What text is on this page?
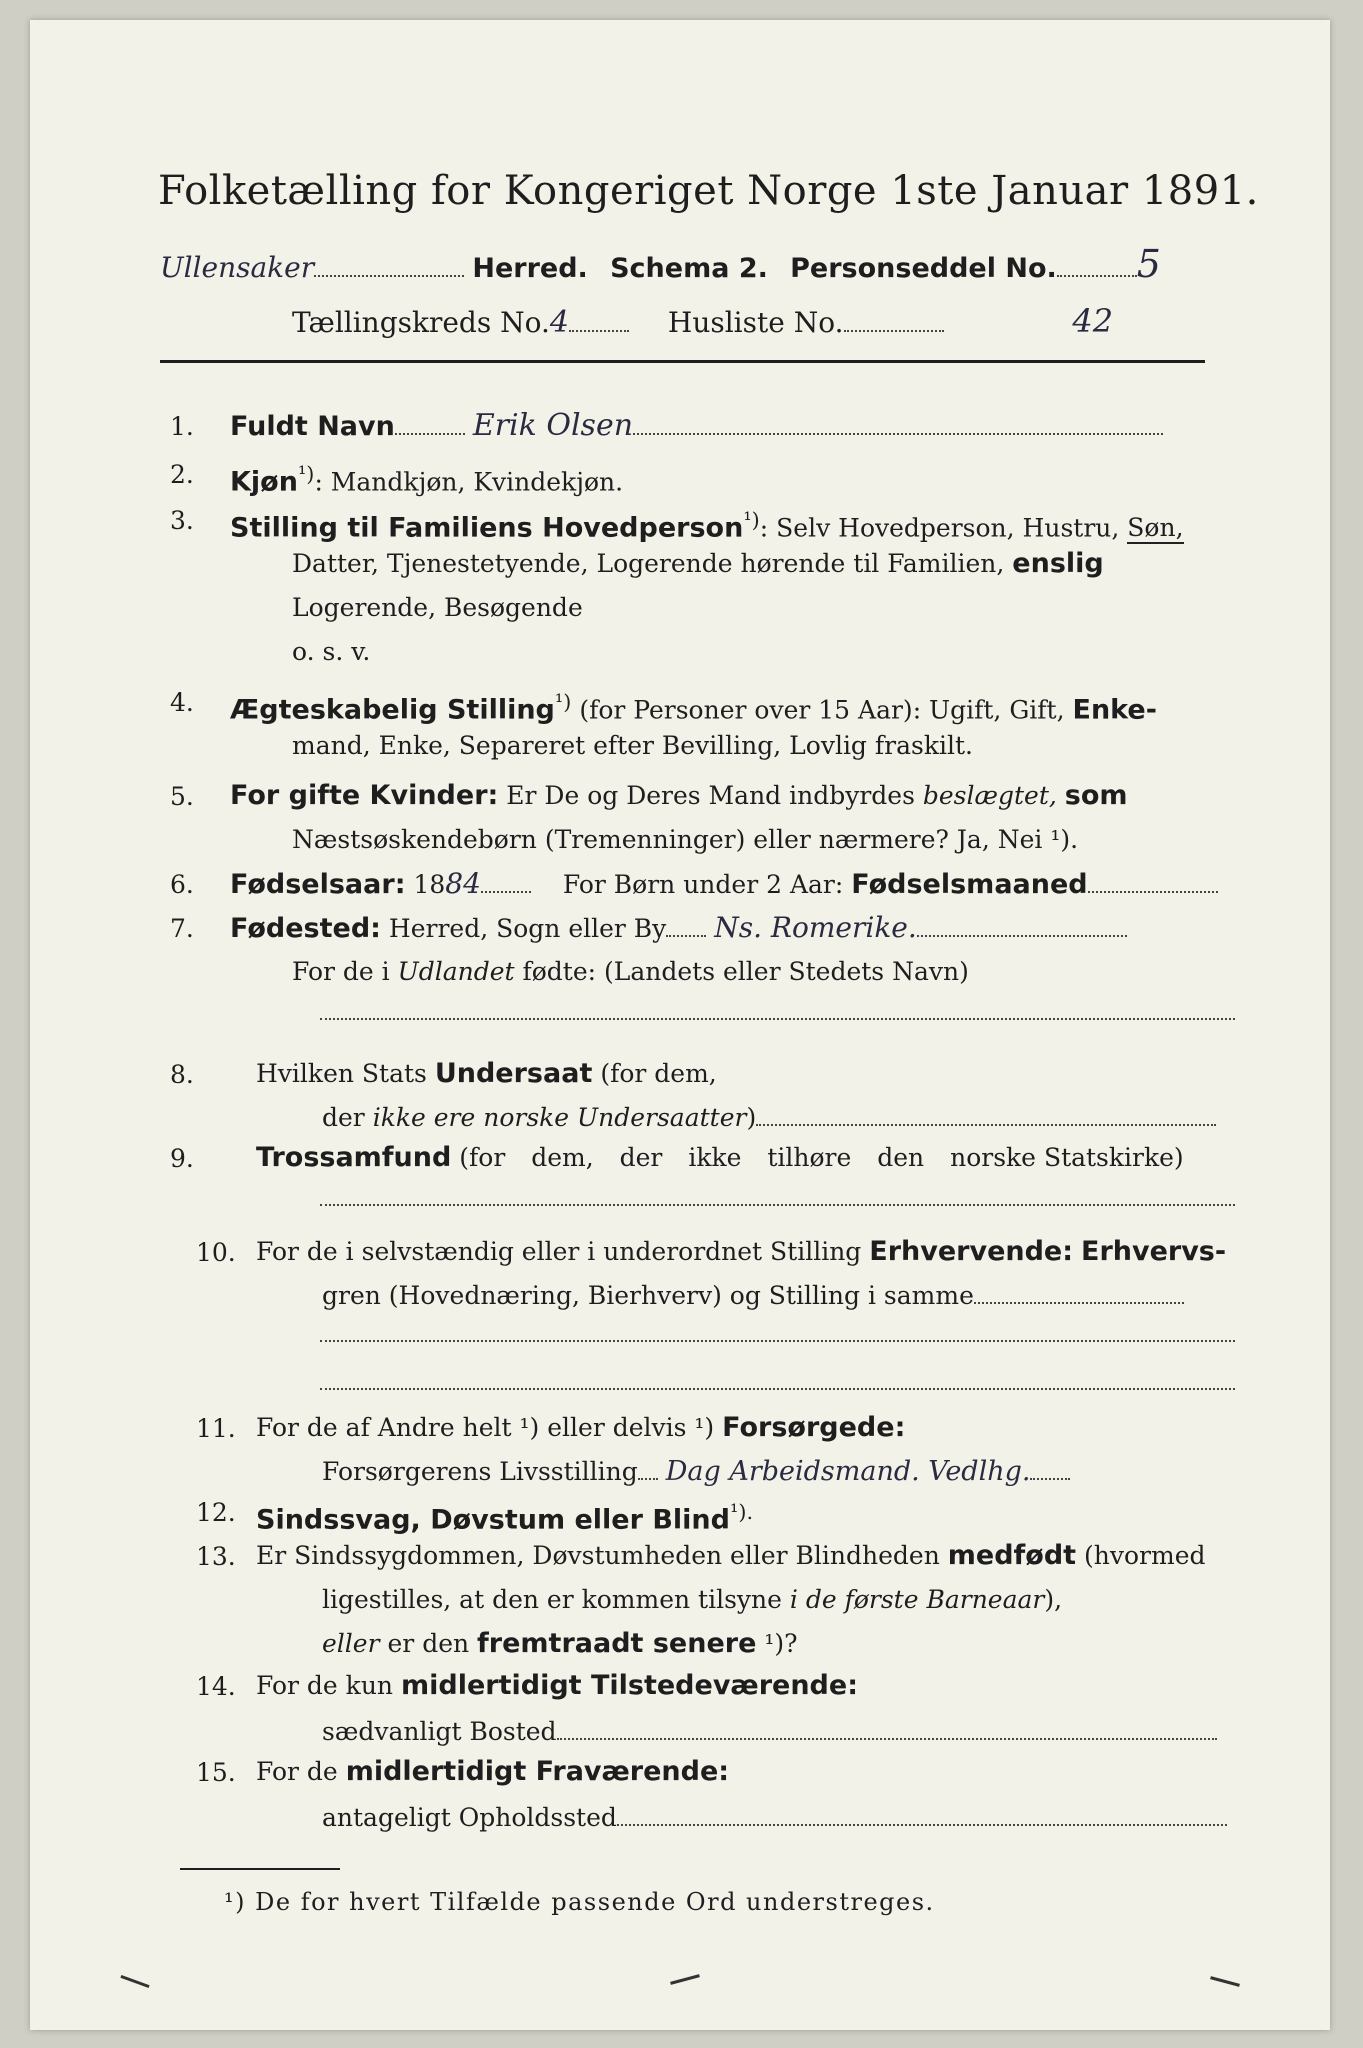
Folketælling for Kongeriget Norge 1ste Januar 1891.
Ullensaker	Herred. Schema 2. Personseddel No. 5
Tællingskreds No.4	Husliste No.	42
1. Fuldt Navn	Erik Olsen
2. Kjøn$^{^1)}$: Mandkjøn, Kvindekjøn.
3. Stilling til Familiens Hovedperson$^{^1)}$: Selv Hovedperson, Hustru, Søn,
Datter, Tjenestetyende, Logerende hørende til Familien, enslig
Logerende, Besøgende
o. s. v.
4. Ægteskabelig Stilling$^{^1)}$ (for Personer over 15 Aar): Ugift, Gift, Enke-
mand, Enke, Separeret efter Bevilling, Lovlig fraskilt.
5. For gifte Kvinder: Er De og Deres Mand indbyrdes beslægtet, som
Næstsøskendebørn (Tremenninger) eller nærmere? Ja, Nei ¹).
6. Fødselsaar: 1884	For Børn under 2 Aar: Fødselsmaaned
7. Fødested: Herred, Sogn eller By Ns. Romerike.
For de i Udlandet fødte: (Landets eller Stedets Navn)
8. Hvilken Stats Undersaat (for dem,
der ikke ere norske Undersaatter)
9. Trossamfund (for dem, der ikke tilhøre den norske Statskirke)
10. For de i selvstændig eller i underordnet Stilling Erhvervende: Erhvervs-
gren (Hovednæring, Bierhverv) og Stilling i samme
11. For de af Andre helt ¹) eller delvis ¹) Forsørgede:
Forsørgerens Livsstilling Dag Arbeidsmand. Vedlhg.
12. Sindssvag, Døvstum eller Blind$^{^1).}$
13. Er Sindssygdommen, Døvstumheden eller Blindheden medfødt (hvormed
ligestilles, at den er kommen tilsyne i de første Barneaar),
eller er den fremtraadt senere ¹)?
14. For de kun midlertidigt Tilstedeværende:
sædvanligt Bosted
15. For de midlertidigt Fraværende:
antageligt Opholdssted
¹) De for hvert Tilfælde passende Ord understreges.
